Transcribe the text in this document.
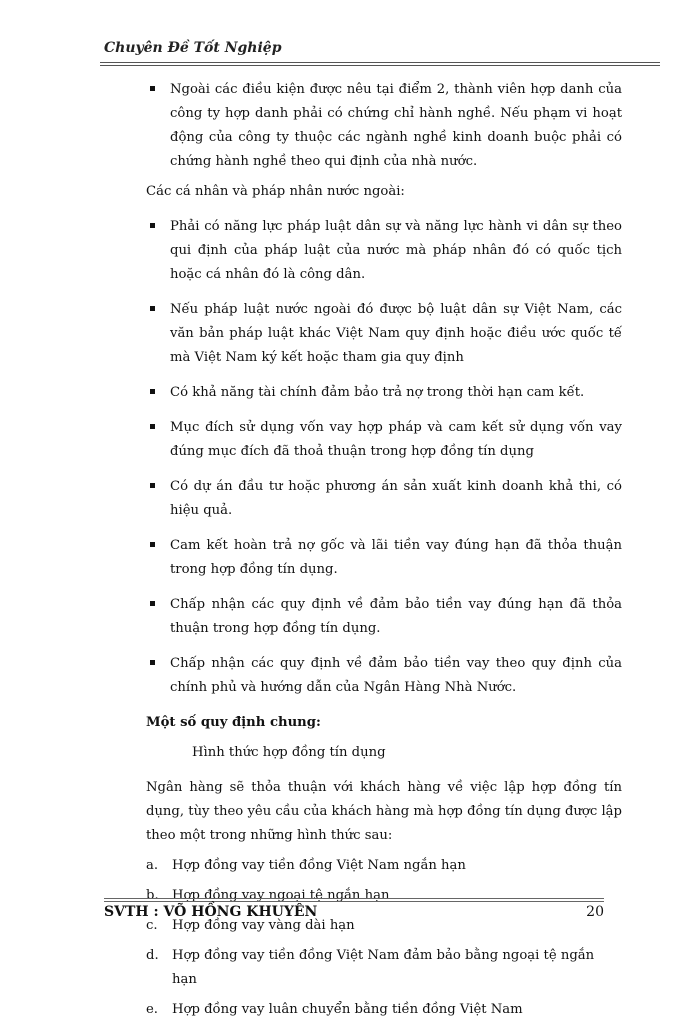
Chuyên Đề Tốt Nghiệp
Ngoài các điều kiện được nêu tại điểm 2, thành viên hợp danh của công ty hợp danh phải có chứng chỉ hành nghề. Nếu phạm vi hoạt động của công ty thuộc các ngành nghề kinh doanh buộc phải có chứng hành nghề theo qui định của nhà nước.
Các cá nhân và pháp nhân nước ngoài:
Phải có năng lực pháp luật dân sự và năng lực hành vi dân sự theo qui định của pháp luật của nước mà pháp nhân đó có quốc tịch hoặc cá nhân đó là công dân.
Nếu pháp luật nước ngoài đó được bộ luật dân sự Việt Nam, các văn bản pháp luật khác Việt Nam quy định hoặc điều ước quốc tế mà Việt Nam ký kết hoặc tham gia quy định
Có khả năng tài chính đảm bảo trả nợ trong thời hạn cam kết.
Mục đích sử dụng vốn vay hợp pháp và cam kết sử dụng vốn vay đúng mục đích đã thoả thuận trong hợp đồng tín dụng
Có dự án đầu tư hoặc phương án sản xuất kinh doanh khả thi, có hiệu quả.
Cam kết hoàn trả nợ gốc và lãi tiền vay đúng hạn đã thỏa thuận trong hợp đồng tín dụng.
Chấp nhận các quy định về đảm bảo tiền vay đúng hạn đã thỏa thuận trong hợp đồng tín dụng.
Chấp nhận các quy định về đảm bảo tiền vay theo quy định của chính phủ và hướng dẫn của Ngân Hàng Nhà Nước.
Một số quy định chung:
Hình thức hợp đồng tín dụng
Ngân hàng sẽ thỏa thuận với khách hàng về việc lập hợp đồng tín dụng, tùy theo yêu cầu của khách hàng mà hợp đồng tín dụng được lập theo một trong những hình thức sau:
a. Hợp đồng vay tiền đồng Việt Nam ngắn hạn
b. Hợp đồng vay ngoại tệ ngắn hạn
c. Hợp đồng vay vàng dài hạn
d. Hợp đồng vay tiền đồng Việt Nam đảm bảo bằng ngoại tệ ngắn hạn
e. Hợp đồng vay luân chuyển bằng tiền đồng Việt Nam
SVTH : VÕ HỒNG KHUYÊN	20
